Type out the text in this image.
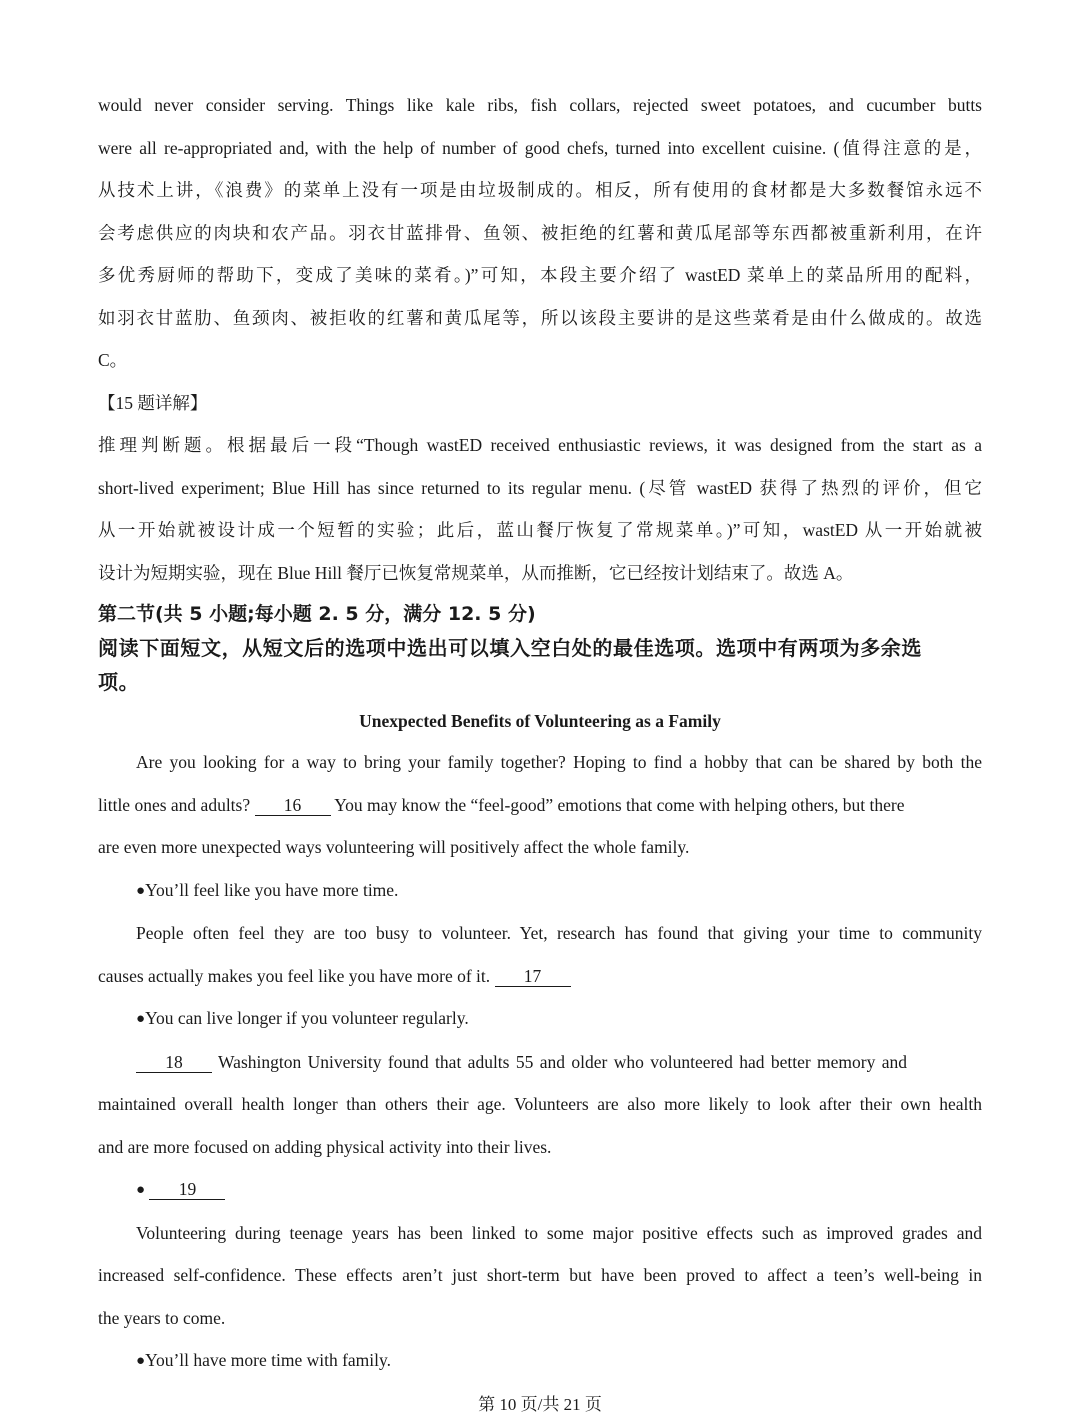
would never consider serving. Things like kale ribs, fish collars, rejected sweet potatoes, and cucumber butts
were all re-appropriated and, with the help of number of good chefs, turned into excellent cuisine. (值得注意的是，
从技术上讲，《浪费》的菜单上没有一项是由垃圾制成的。相反，所有使用的食材都是大多数餐馆永远不
会考虑供应的肉块和农产品。羽衣甘蓝排骨、鱼领、被拒绝的红薯和黄瓜尾部等东西都被重新利用，在许
多优秀厨师的帮助下，变成了美味的菜肴。)”可知，本段主要介绍了 wastED 菜单上的菜品所用的配料，
如羽衣甘蓝肋、鱼颈肉、被拒收的红薯和黄瓜尾等，所以该段主要讲的是这些菜肴是由什么做成的。故选
C。
【15 题详解】
推理判断题。根据最后一段“Though wastED received enthusiastic reviews, it was designed from the start as a
short-lived experiment; Blue Hill has since returned to its regular menu. (尽管 wastED 获得了热烈的评价，但它
从一开始就被设计成一个短暂的实验；此后，蓝山餐厅恢复了常规菜单。)”可知，wastED 从一开始就被
设计为短期实验，现在 Blue Hill 餐厅已恢复常规菜单，从而推断，它已经按计划结束了。故选 A。
第二节(共 5 小题;每小题 2. 5 分，满分 12. 5 分)
阅读下面短文，从短文后的选项中选出可以填入空白处的最佳选项。选项中有两项为多余选
项。
Unexpected Benefits of Volunteering as a Family
Are you looking for a way to bring your family together? Hoping to find a hobby that can be shared by both the
little ones and adults? 16 You may know the “feel-good” emotions that come with helping others, but there
are even more unexpected ways volunteering will positively affect the whole family.
●You’ll feel like you have more time.
People often feel they are too busy to volunteer. Yet, research has found that giving your time to community
causes actually makes you feel like you have more of it. 17
●You can live longer if you volunteer regularly.
18 Washington University found that adults 55 and older who volunteered had better memory and
maintained overall health longer than others their age. Volunteers are also more likely to look after their own health
and are more focused on adding physical activity into their lives.
● 19
Volunteering during teenage years has been linked to some major positive effects such as improved grades and
increased self-confidence. These effects aren’t just short-term but have been proved to affect a teen’s well-being in
the years to come.
●You’ll have more time with family.
第 10 页/共 21 页
